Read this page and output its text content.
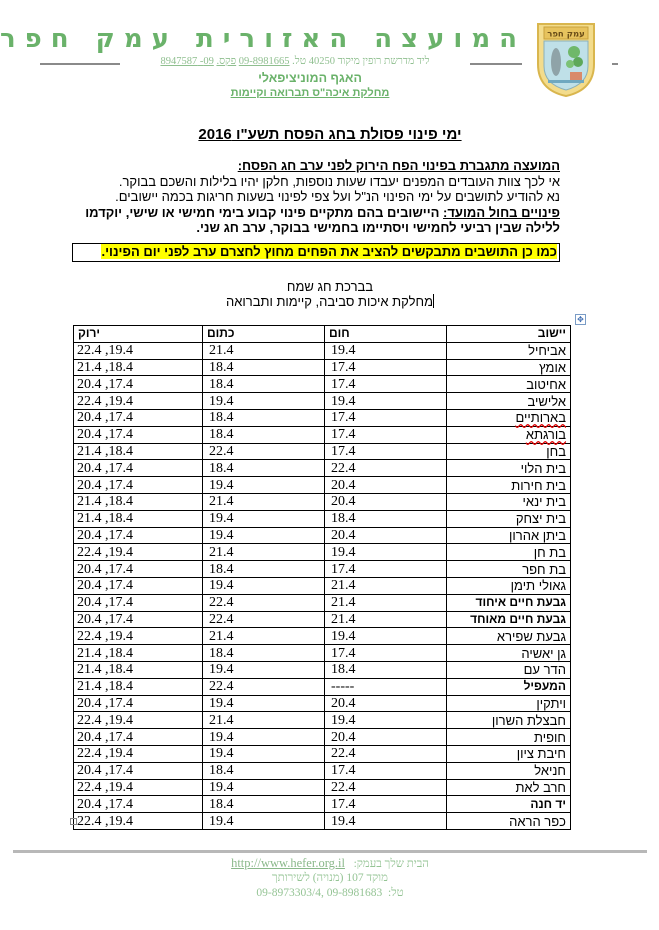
עמק חפר
המועצה האזורית עמק חפר
ליד מדרשת רופין מיקוד 40250 טל. 09-8981665 פקס. 09- 8947587
האגף המוניציפאלי
מחלקת איכה"ס תברואה וקיימות
ימי פינוי פסולת בחג הפסח תשע"ו 2016
המועצה מתגברת בפינוי הפח הירוק לפני ערב חג הפסח:
אי לכך צוות העובדים המפנים יעבדו שעות נוספות, חלקן יהיו בלילות והשכם בבוקר.
נא להודיע לתושבים על ימי הפינוי הנ"ל ועל צפי לפינוי בשעות חריגות בכמה יישובים.
פינויים בחול המועד: היישובים בהם מתקיים פינוי קבוע בימי חמישי או שישי, יוקדמו
ללילה שבין רביעי לחמישי ויסתיימו בחמישי בבוקר, ערב חג שני.
כמו כן התושבים מתבקשים להציב את הפחים מחוץ לחצרם ערב לפני יום הפינוי.
בברכת חג שמח
מחלקת איכות סביבה, קיימות ותברואה
✥
יישוב	חום	כתום	ירוק
אביחיל	19.4	21.4	22.4 ,19.4
אומץ	17.4	18.4	21.4 ,18.4
אחיטוב	17.4	18.4	20.4 ,17.4
אלישיב	19.4	19.4	22.4 ,19.4
בארותיים	17.4	18.4	20.4 ,17.4
בורגתא	17.4	18.4	20.4 ,17.4
בחן	17.4	22.4	21.4 ,18.4
בית הלוי	22.4	18.4	20.4 ,17.4
בית חירות	20.4	19.4	20.4 ,17.4
בית ינאי	20.4	21.4	21.4 ,18.4
בית יצחק	18.4	19.4	21.4 ,18.4
ביתן אהרון	20.4	19.4	20.4 ,17.4
בת חן	19.4	21.4	22.4 ,19.4
בת חפר	17.4	18.4	20.4 ,17.4
גאולי תימן	21.4	19.4	20.4 ,17.4
גבעת חיים איחוד	21.4	22.4	20.4 ,17.4
גבעת חיים מאוחד	21.4	22.4	20.4 ,17.4
גבעת שפירא	19.4	21.4	22.4 ,19.4
גן יאשיה	17.4	18.4	21.4 ,18.4
הדר עם	18.4	19.4	21.4 ,18.4
המעפיל	-----	22.4	21.4 ,18.4
ויתקין	20.4	19.4	20.4 ,17.4
חבצלת השרון	19.4	21.4	22.4 ,19.4
חופית	20.4	19.4	20.4 ,17.4
חיבת ציון	22.4	19.4	22.4 ,19.4
חניאל	17.4	18.4	20.4 ,17.4
חרב לאת	22.4	19.4	22.4 ,19.4
יד חנה	17.4	18.4	20.4 ,17.4
כפר הראה	19.4	19.4	22.4 ,19.4
הבית שלך בעמק:   http://www.hefer.org.il
מוקד 107 (מנויה) לשירותך
טל:  09-8981683 ,09-8973303/4
